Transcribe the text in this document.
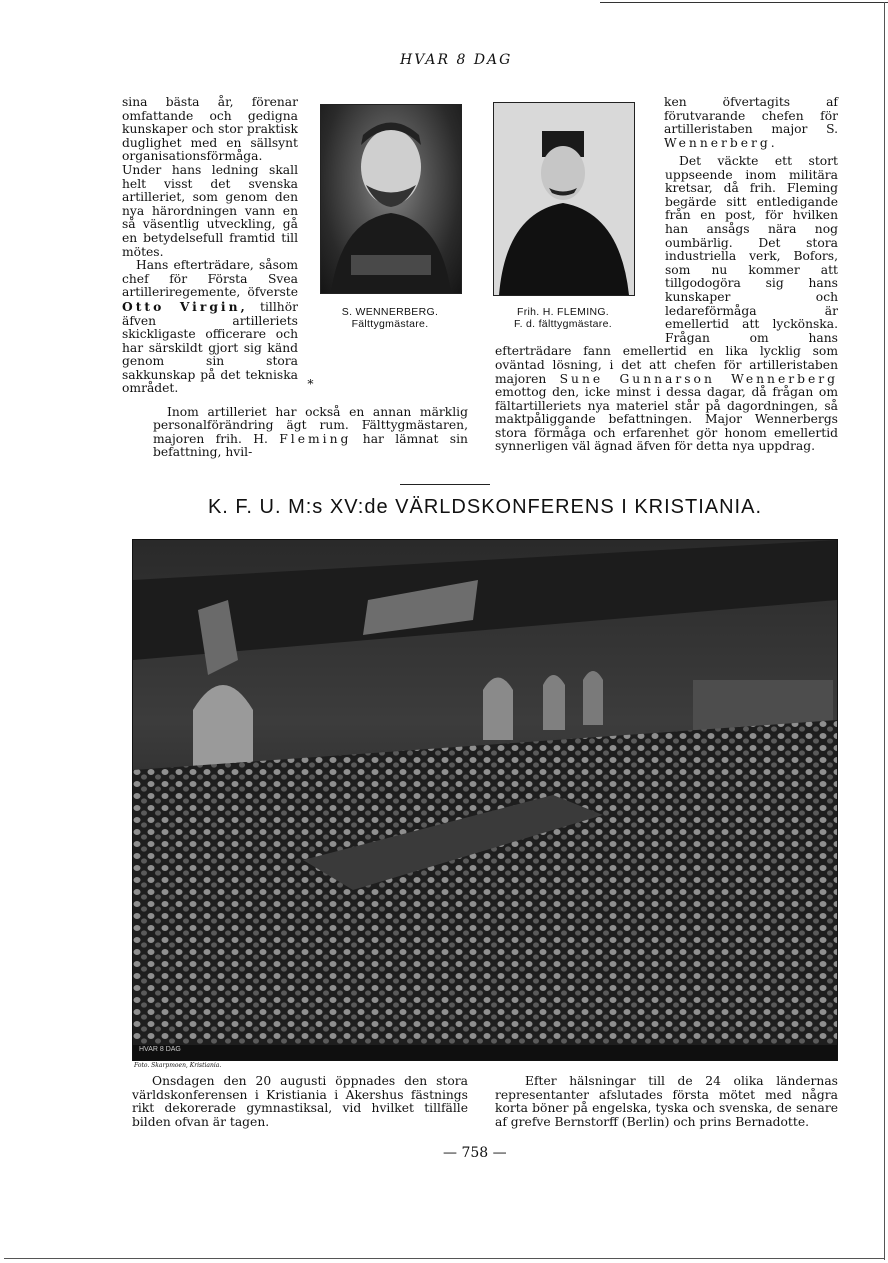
HVAR 8 DAG

sina bästa år, förenar omfattande och gedigna kunskaper och stor praktisk duglighet med en sällsynt organisationsförmåga. Under hans ledning skall helt visst det svenska artilleriet, som genom den nya härordningen vann en så väsentlig utveckling, gå en betydelsefull framtid till mötes.

Hans efterträdare, såsom chef för Första Svea artilleriregemente, öfverste Otto Virgin, tillhör äfven artilleriets skickligaste officerare och har särskildt gjort sig känd genom sin stora sakkunskap på det tekniska området.

S. WENNERBERG.
Fälttygmästare.
*

Inom artilleriet har också en annan märklig personalförändring ägt rum. Fälttygmästaren, majoren frih. H. Fleming har lämnat sin befattning, hvil-

Frih. H. FLEMING.
F. d. fälttygmästare.

ken öfvertagits af förutvarande chefen för artilleristaben major S. Wennerberg.

Det väckte ett stort uppseende inom militära kretsar, då frih. Fleming begärde sitt entledigande från en post, för hvilken han ansågs nära nog oumbärlig. Det stora industriella verk, Bofors, som nu kommer att tillgodogöra sig hans kunskaper och ledareförmåga är emellertid att lyckönska. Frågan om hans efterträdare fann emellertid en lika lycklig som oväntad lösning, i det att chefen för artilleristaben majoren Sune Gunnarson Wennerberg emottog den, icke minst i dessa dagar, då frågan om fältartilleriets nya materiel står på dagordningen, så maktpåliggande befattningen. Major Wennerbergs stora förmåga och erfarenhet gör honom emellertid synnerligen väl ägnad äfven för detta nya uppdrag.

K. F. U. M:s XV:de VÄRLDSKONFERENS I KRISTIANIA.
HVAR 8 DAG
Foto. Skarpmoen, Kristiania.
Onsdagen den 20 augusti öppnades den stora världskonferensen i Kristiania i Akershus fästnings rikt dekorerade gymnastiksal, vid hvilket tillfälle bilden ofvan är tagen.
Efter hälsningar till de 24 olika ländernas representanter afslutades första mötet med några korta böner på engelska, tyska och svenska, de senare af grefve Bernstorff (Berlin) och prins Bernadotte.
— 758 —
